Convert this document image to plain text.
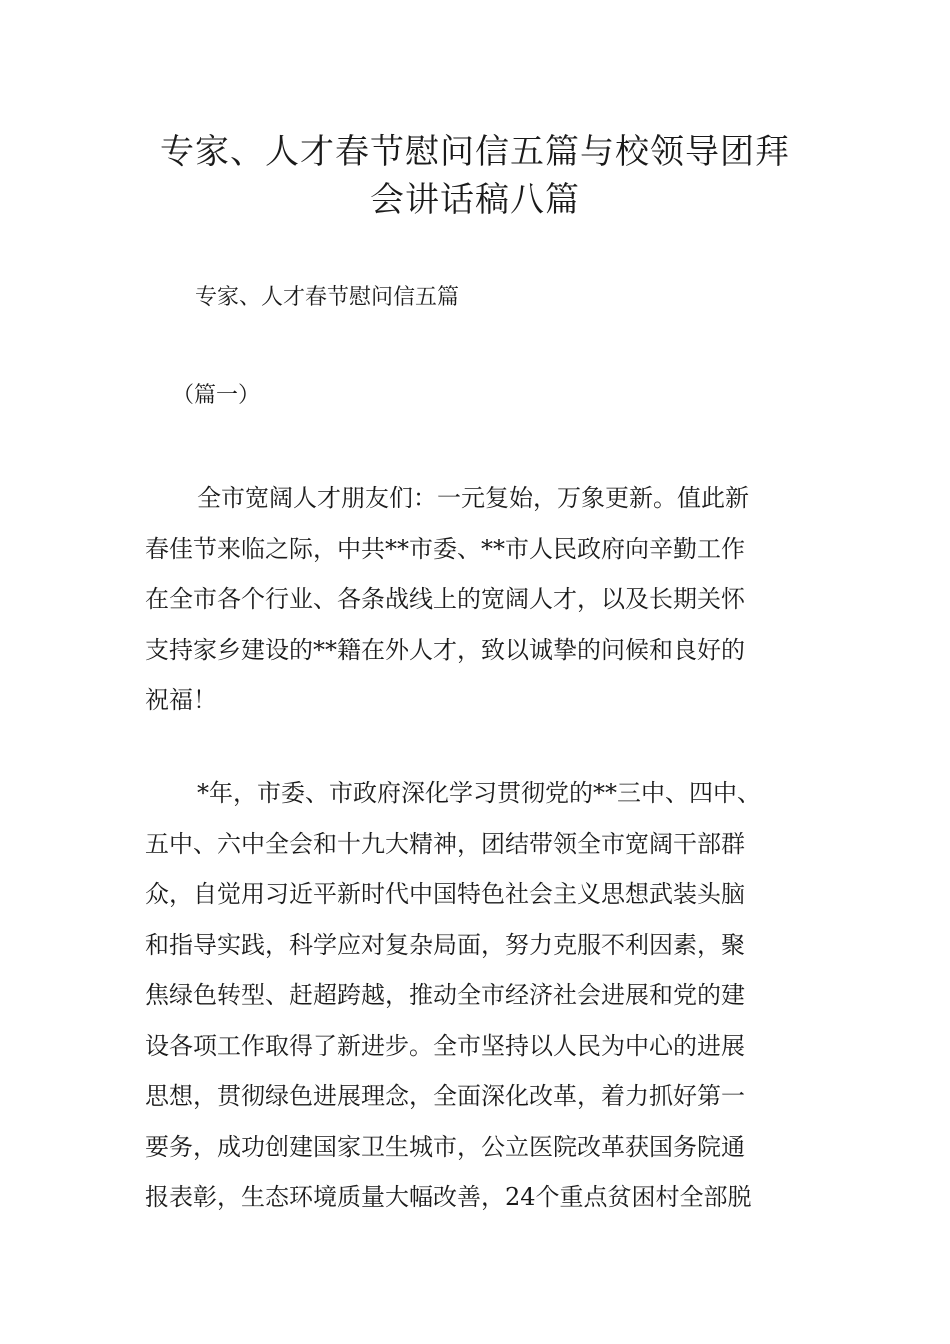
专家、人才春节慰问信五篇与校领导团拜
会讲话稿八篇

专家、人才春节慰问信五篇

（篇一）

全市宽阔人才朋友们：一元复始，万象更新。值此新
春佳节来临之际，中共**市委、**市人民政府向辛勤工作
在全市各个行业、各条战线上的宽阔人才，以及长期关怀
支持家乡建设的**籍在外人才，致以诚挚的问候和良好的
祝福！

*年，市委、市政府深化学习贯彻党的**三中、四中、
五中、六中全会和十九大精神，团结带领全市宽阔干部群
众，自觉用习近平新时代中国特色社会主义思想武装头脑
和指导实践，科学应对复杂局面，努力克服不利因素，聚
焦绿色转型、赶超跨越，推动全市经济社会进展和党的建
设各项工作取得了新进步。全市坚持以人民为中心的进展
思想，贯彻绿色进展理念，全面深化改革，着力抓好第一
要务，成功创建国家卫生城市，公立医院改革获国务院通
报表彰，生态环境质量大幅改善，24个重点贫困村全部脱
